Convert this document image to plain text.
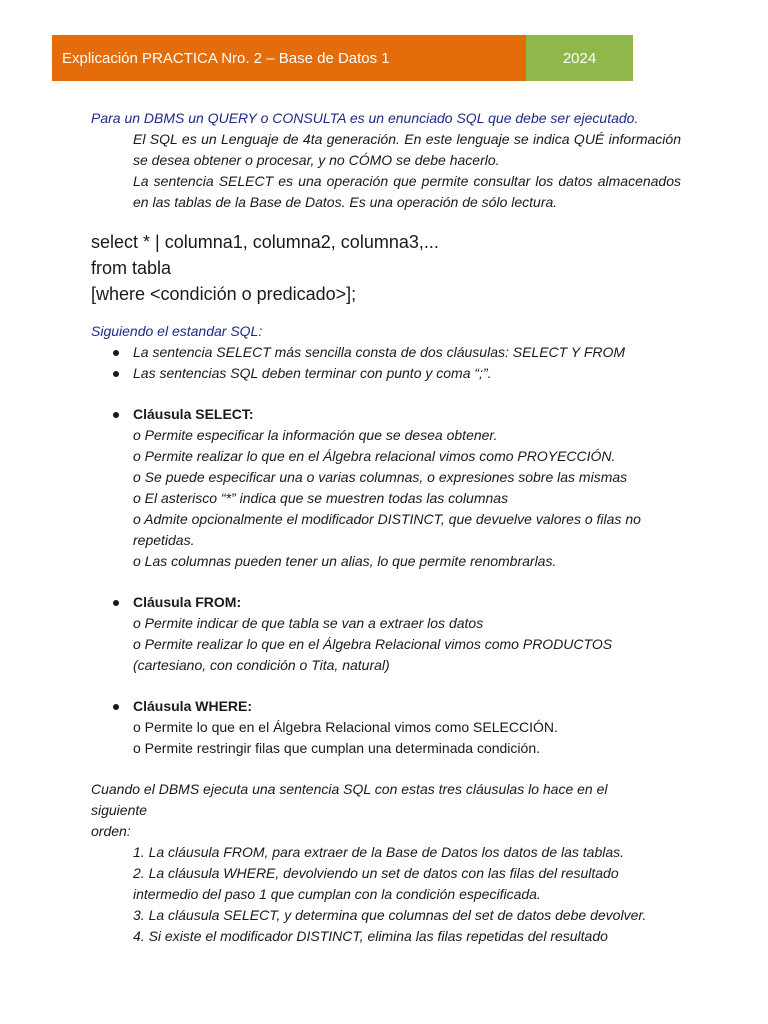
Explicación PRACTICA Nro. 2 – Base de Datos 1	2024
Para un DBMS un QUERY o CONSULTA es un enunciado SQL que debe ser ejecutado.
El SQL es un Lenguaje de 4ta generación. En este lenguaje se indica QUÉ información se desea obtener o procesar, y no CÓMO se debe hacerlo.
La sentencia SELECT es una operación que permite consultar los datos almacenados en las tablas de la Base de Datos. Es una operación de sólo lectura.
select * | columna1, columna2, columna3,...
from tabla
[where <condición o predicado>];
Siguiendo el estandar SQL:
La sentencia SELECT más sencilla consta de dos cláusulas: SELECT Y FROM
Las sentencias SQL deben terminar con punto y coma “;”.
Cláusula SELECT:
o Permite especificar la información que se desea obtener.
o Permite realizar lo que en el Álgebra relacional vimos como PROYECCIÓN.
o Se puede especificar una o varias columnas, o expresiones sobre las mismas
o El asterisco “*” indica que se muestren todas las columnas
o Admite opcionalmente el modificador DISTINCT, que devuelve valores o filas no repetidas.
o Las columnas pueden tener un alias, lo que permite renombrarlas.
Cláusula FROM:
o Permite indicar de que tabla se van a extraer los datos
o Permite realizar lo que en el Álgebra Relacional vimos como PRODUCTOS (cartesiano, con condición o Tita, natural)
Cláusula WHERE:
o Permite lo que en el Álgebra Relacional vimos como SELECCIÓN.
o Permite restringir filas que cumplan una determinada condición.
Cuando el DBMS ejecuta una sentencia SQL con estas tres cláusulas lo hace en el
siguiente
orden:
1. La cláusula FROM, para extraer de la Base de Datos los datos de las tablas.
2. La cláusula WHERE, devolviendo un set de datos con las filas del resultado intermedio del paso 1 que cumplan con la condición especificada.
3. La cláusula SELECT, y determina que columnas del set de datos debe devolver.
4. Si existe el modificador DISTINCT, elimina las filas repetidas del resultado
